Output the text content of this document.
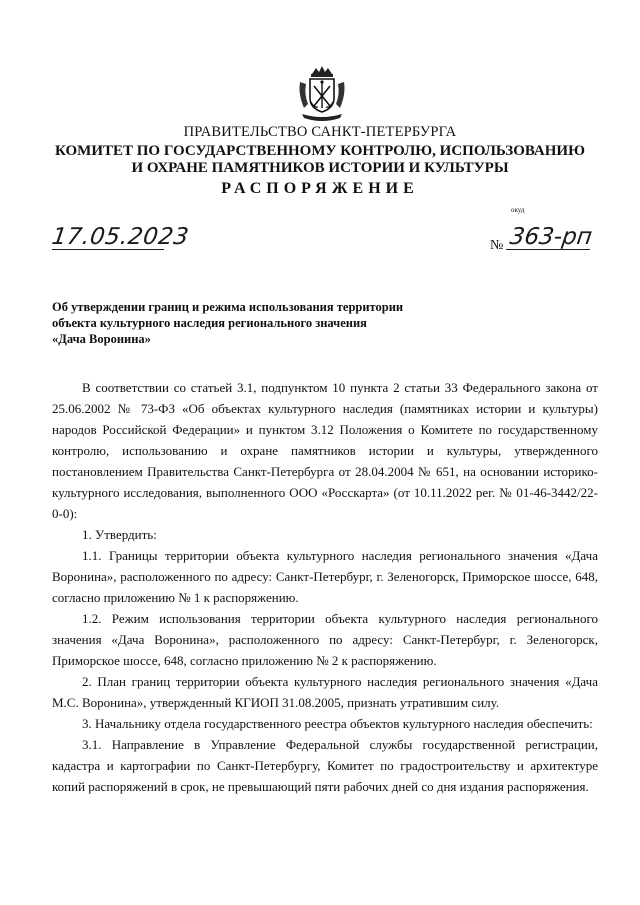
ПРАВИТЕЛЬСТВО САНКТ-ПЕТЕРБУРГА
КОМИТЕТ ПО ГОСУДАРСТВЕННОМУ КОНТРОЛЮ, ИСПОЛЬЗОВАНИЮ
И ОХРАНЕ ПАМЯТНИКОВ ИСТОРИИ И КУЛЬТУРЫ
РАСПОРЯЖЕНИЕ
окуд
17.05.2023	№ 363-рп
Об утверждении границ и режима использования территории
объекта культурного наследия регионального значения
«Дача Воронина»

В соответствии со статьей 3.1, подпунктом 10 пункта 2 статьи 33 Федерального закона от 25.06.2002 № 73-ФЗ «Об объектах культурного наследия (памятниках истории и культуры) народов Российской Федерации» и пунктом 3.12 Положения о Комитете по государственному контролю, использованию и охране памятников истории и культуры, утвержденного постановлением Правительства Санкт-Петербурга от 28.04.2004 № 651, на основании историко-культурного исследования, выполненного ООО «Росскарта» (от 10.11.2022 рег. № 01-46-3442/22-0-0):

1. Утвердить:

1.1. Границы территории объекта культурного наследия регионального значения «Дача Воронина», расположенного по адресу: Санкт-Петербург, г. Зеленогорск, Приморское шоссе, 648, согласно приложению № 1 к распоряжению.

1.2. Режим использования территории объекта культурного наследия регионального значения «Дача Воронина», расположенного по адресу: Санкт-Петербург, г. Зеленогорск, Приморское шоссе, 648, согласно приложению № 2 к распоряжению.

2. План границ территории объекта культурного наследия регионального значения «Дача М.С. Воронина», утвержденный КГИОП 31.08.2005, признать утратившим силу.

3. Начальнику отдела государственного реестра объектов культурного наследия обеспечить:

3.1. Направление в Управление Федеральной службы государственной регистрации, кадастра и картографии по Санкт-Петербургу, Комитет по градостроительству и архитектуре копий распоряжений в срок, не превышающий пяти рабочих дней со дня издания распоряжения.
